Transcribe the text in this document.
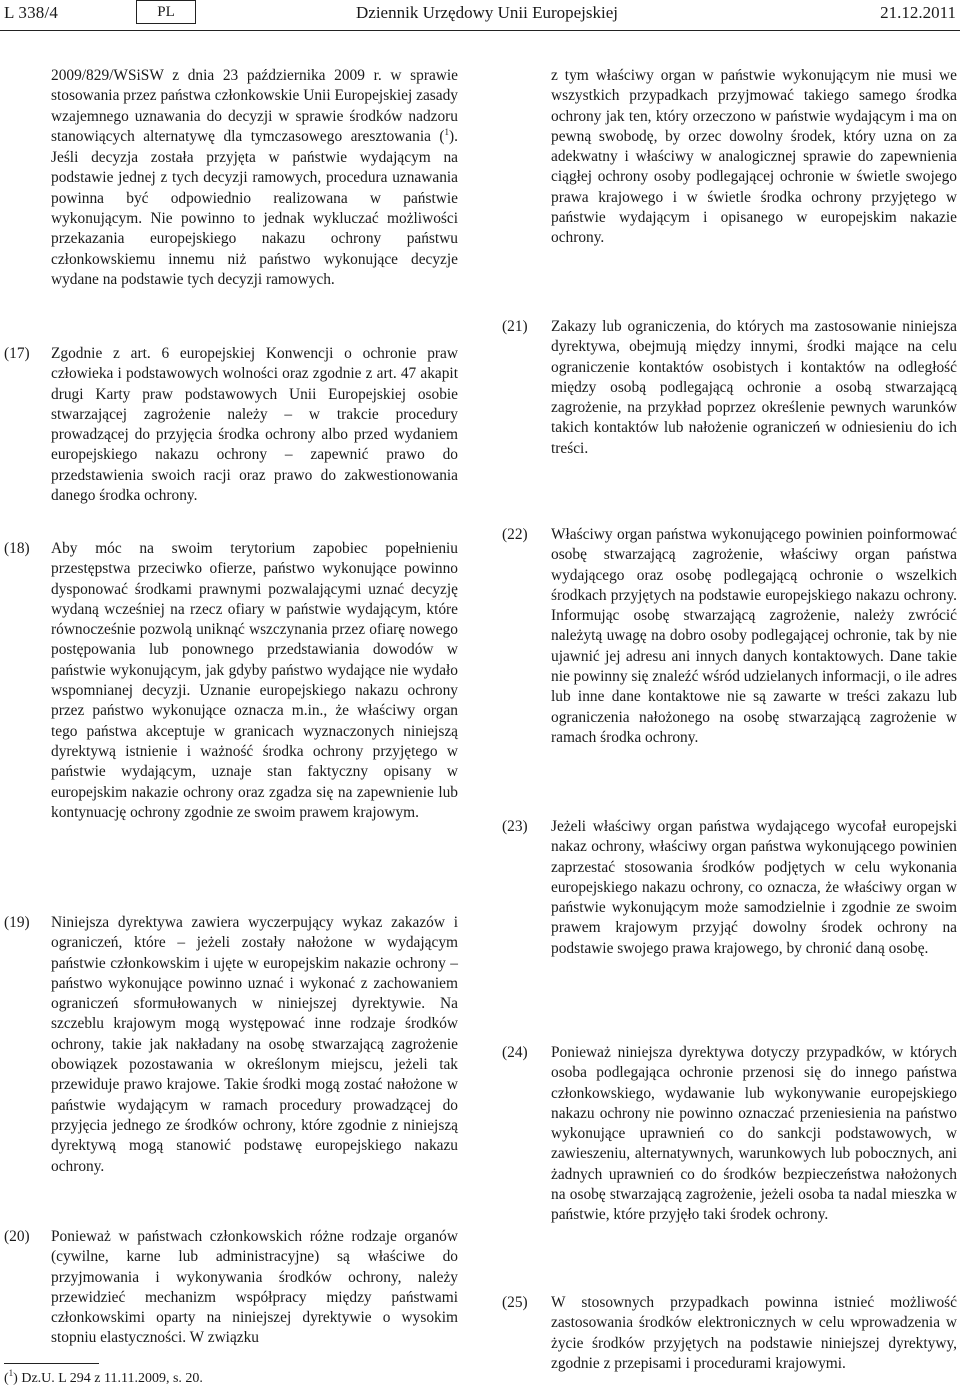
L 338/4	PL	Dziennik Urzędowy Unii Europejskiej	21.12.2011

2009/829/WSiSW z dnia 23 października 2009 r. w sprawie stosowania przez państwa członkowskie Unii Europejskiej zasady wzajemnego uznawania do decyzji w sprawie środków nadzoru stanowiących alternatywę dla tymczasowego aresztowania ($^1$). Jeśli decyzja została przyjęta w państwie wydającym na podstawie jednej z tych decyzji ramowych, procedura uznawania powinna być odpowiednio realizowana w państwie wykonującym. Nie powinno to jednak wykluczać możliwości przekazania europejskiego nakazu ochrony państwu członkowskiemu innemu niż państwo wykonujące decyzje wydane na podstawie tych decyzji ramowych.

(17) Zgodnie z art. 6 europejskiej Konwencji o ochronie praw człowieka i podstawowych wolności oraz zgodnie z art. 47 akapit drugi Karty praw podstawowych Unii Europejskiej osobie stwarzającej zagrożenie należy – w trakcie procedury prowadzącej do przyjęcia środka ochrony albo przed wydaniem europejskiego nakazu ochrony – zapewnić prawo do przedstawienia swoich racji oraz prawo do zakwestionowania danego środka ochrony.

(18) Aby móc na swoim terytorium zapobiec popełnieniu przestępstwa przeciwko ofierze, państwo wykonujące powinno dysponować środkami prawnymi pozwalającymi uznać decyzję wydaną wcześniej na rzecz ofiary w państwie wydającym, które równocześnie pozwolą uniknąć wszczynania przez ofiarę nowego postępowania lub ponownego przedstawiania dowodów w państwie wykonującym, jak gdyby państwo wydające nie wydało wspomnianej decyzji. Uznanie europejskiego nakazu ochrony przez państwo wykonujące oznacza m.in., że właściwy organ tego państwa akceptuje w granicach wyznaczonych niniejszą dyrektywą istnienie i ważność środka ochrony przyjętego w państwie wydającym, uznaje stan faktyczny opisany w europejskim nakazie ochrony oraz zgadza się na zapewnienie lub kontynuację ochrony zgodnie ze swoim prawem krajowym.

(19) Niniejsza dyrektywa zawiera wyczerpujący wykaz zakazów i ograniczeń, które – jeżeli zostały nałożone w wydającym państwie członkowskim i ujęte w europejskim nakazie ochrony – państwo wykonujące powinno uznać i wykonać z zachowaniem ograniczeń sformułowanych w niniejszej dyrektywie. Na szczeblu krajowym mogą występować inne rodzaje środków ochrony, takie jak nakładany na osobę stwarzającą zagrożenie obowiązek pozostawania w określonym miejscu, jeżeli tak przewiduje prawo krajowe. Takie środki mogą zostać nałożone w państwie wydającym w ramach procedury prowadzącej do przyjęcia jednego ze środków ochrony, które zgodnie z niniejszą dyrektywą mogą stanowić podstawę europejskiego nakazu ochrony.

(20) Ponieważ w państwach członkowskich różne rodzaje organów (cywilne, karne lub administracyjne) są właściwe do przyjmowania i wykonywania środków ochrony, należy przewidzieć mechanizm współpracy między państwami członkowskimi oparty na niniejszej dyrektywie o wysokim stopniu elastyczności. W związku

z tym właściwy organ w państwie wykonującym nie musi we wszystkich przypadkach przyjmować takiego samego środka ochrony jak ten, który orzeczono w państwie wydającym i ma on pewną swobodę, by orzec dowolny środek, który uzna on za adekwatny i właściwy w analogicznej sprawie do zapewnienia ciągłej ochrony osoby podlegającej ochronie w świetle swojego prawa krajowego i w świetle środka ochrony przyjętego w państwie wydającym i opisanego w europejskim nakazie ochrony.

(21) Zakazy lub ograniczenia, do których ma zastosowanie niniejsza dyrektywa, obejmują między innymi, środki mające na celu ograniczenie kontaktów osobistych i kontaktów na odległość między osobą podlegającą ochronie a osobą stwarzającą zagrożenie, na przykład poprzez określenie pewnych warunków takich kontaktów lub nałożenie ograniczeń w odniesieniu do ich treści.

(22) Właściwy organ państwa wykonującego powinien poinformować osobę stwarzającą zagrożenie, właściwy organ państwa wydającego oraz osobę podlegającą ochronie o wszelkich środkach przyjętych na podstawie europejskiego nakazu ochrony. Informując osobę stwarzającą zagrożenie, należy zwrócić należytą uwagę na dobro osoby podlegającej ochronie, tak by nie ujawnić jej adresu ani innych danych kontaktowych. Dane takie nie powinny się znaleźć wśród udzielanych informacji, o ile adres lub inne dane kontaktowe nie są zawarte w treści zakazu lub ograniczenia nałożonego na osobę stwarzającą zagrożenie w ramach środka ochrony.

(23) Jeżeli właściwy organ państwa wydającego wycofał europejski nakaz ochrony, właściwy organ państwa wykonującego powinien zaprzestać stosowania środków podjętych w celu wykonania europejskiego nakazu ochrony, co oznacza, że właściwy organ w państwie wykonującym może samodzielnie i zgodnie ze swoim prawem krajowym przyjąć dowolny środek ochrony na podstawie swojego prawa krajowego, by chronić daną osobę.

(24) Ponieważ niniejsza dyrektywa dotyczy przypadków, w których osoba podlegająca ochronie przenosi się do innego państwa członkowskiego, wydawanie lub wykonywanie europejskiego nakazu ochrony nie powinno oznaczać przeniesienia na państwo wykonujące uprawnień co do sankcji podstawowych, w zawieszeniu, alternatywnych, warunkowych lub pobocznych, ani żadnych uprawnień co do środków bezpieczeństwa nałożonych na osobę stwarzającą zagrożenie, jeżeli osoba ta nadal mieszka w państwie, które przyjęło taki środek ochrony.

(25) W stosownych przypadkach powinna istnieć możliwość zastosowania środków elektronicznych w celu wprowadzenia w życie środków przyjętych na podstawie niniejszej dyrektywy, zgodnie z przepisami i procedurami krajowymi.

($^1$) Dz.U. L 294 z 11.11.2009, s. 20.
